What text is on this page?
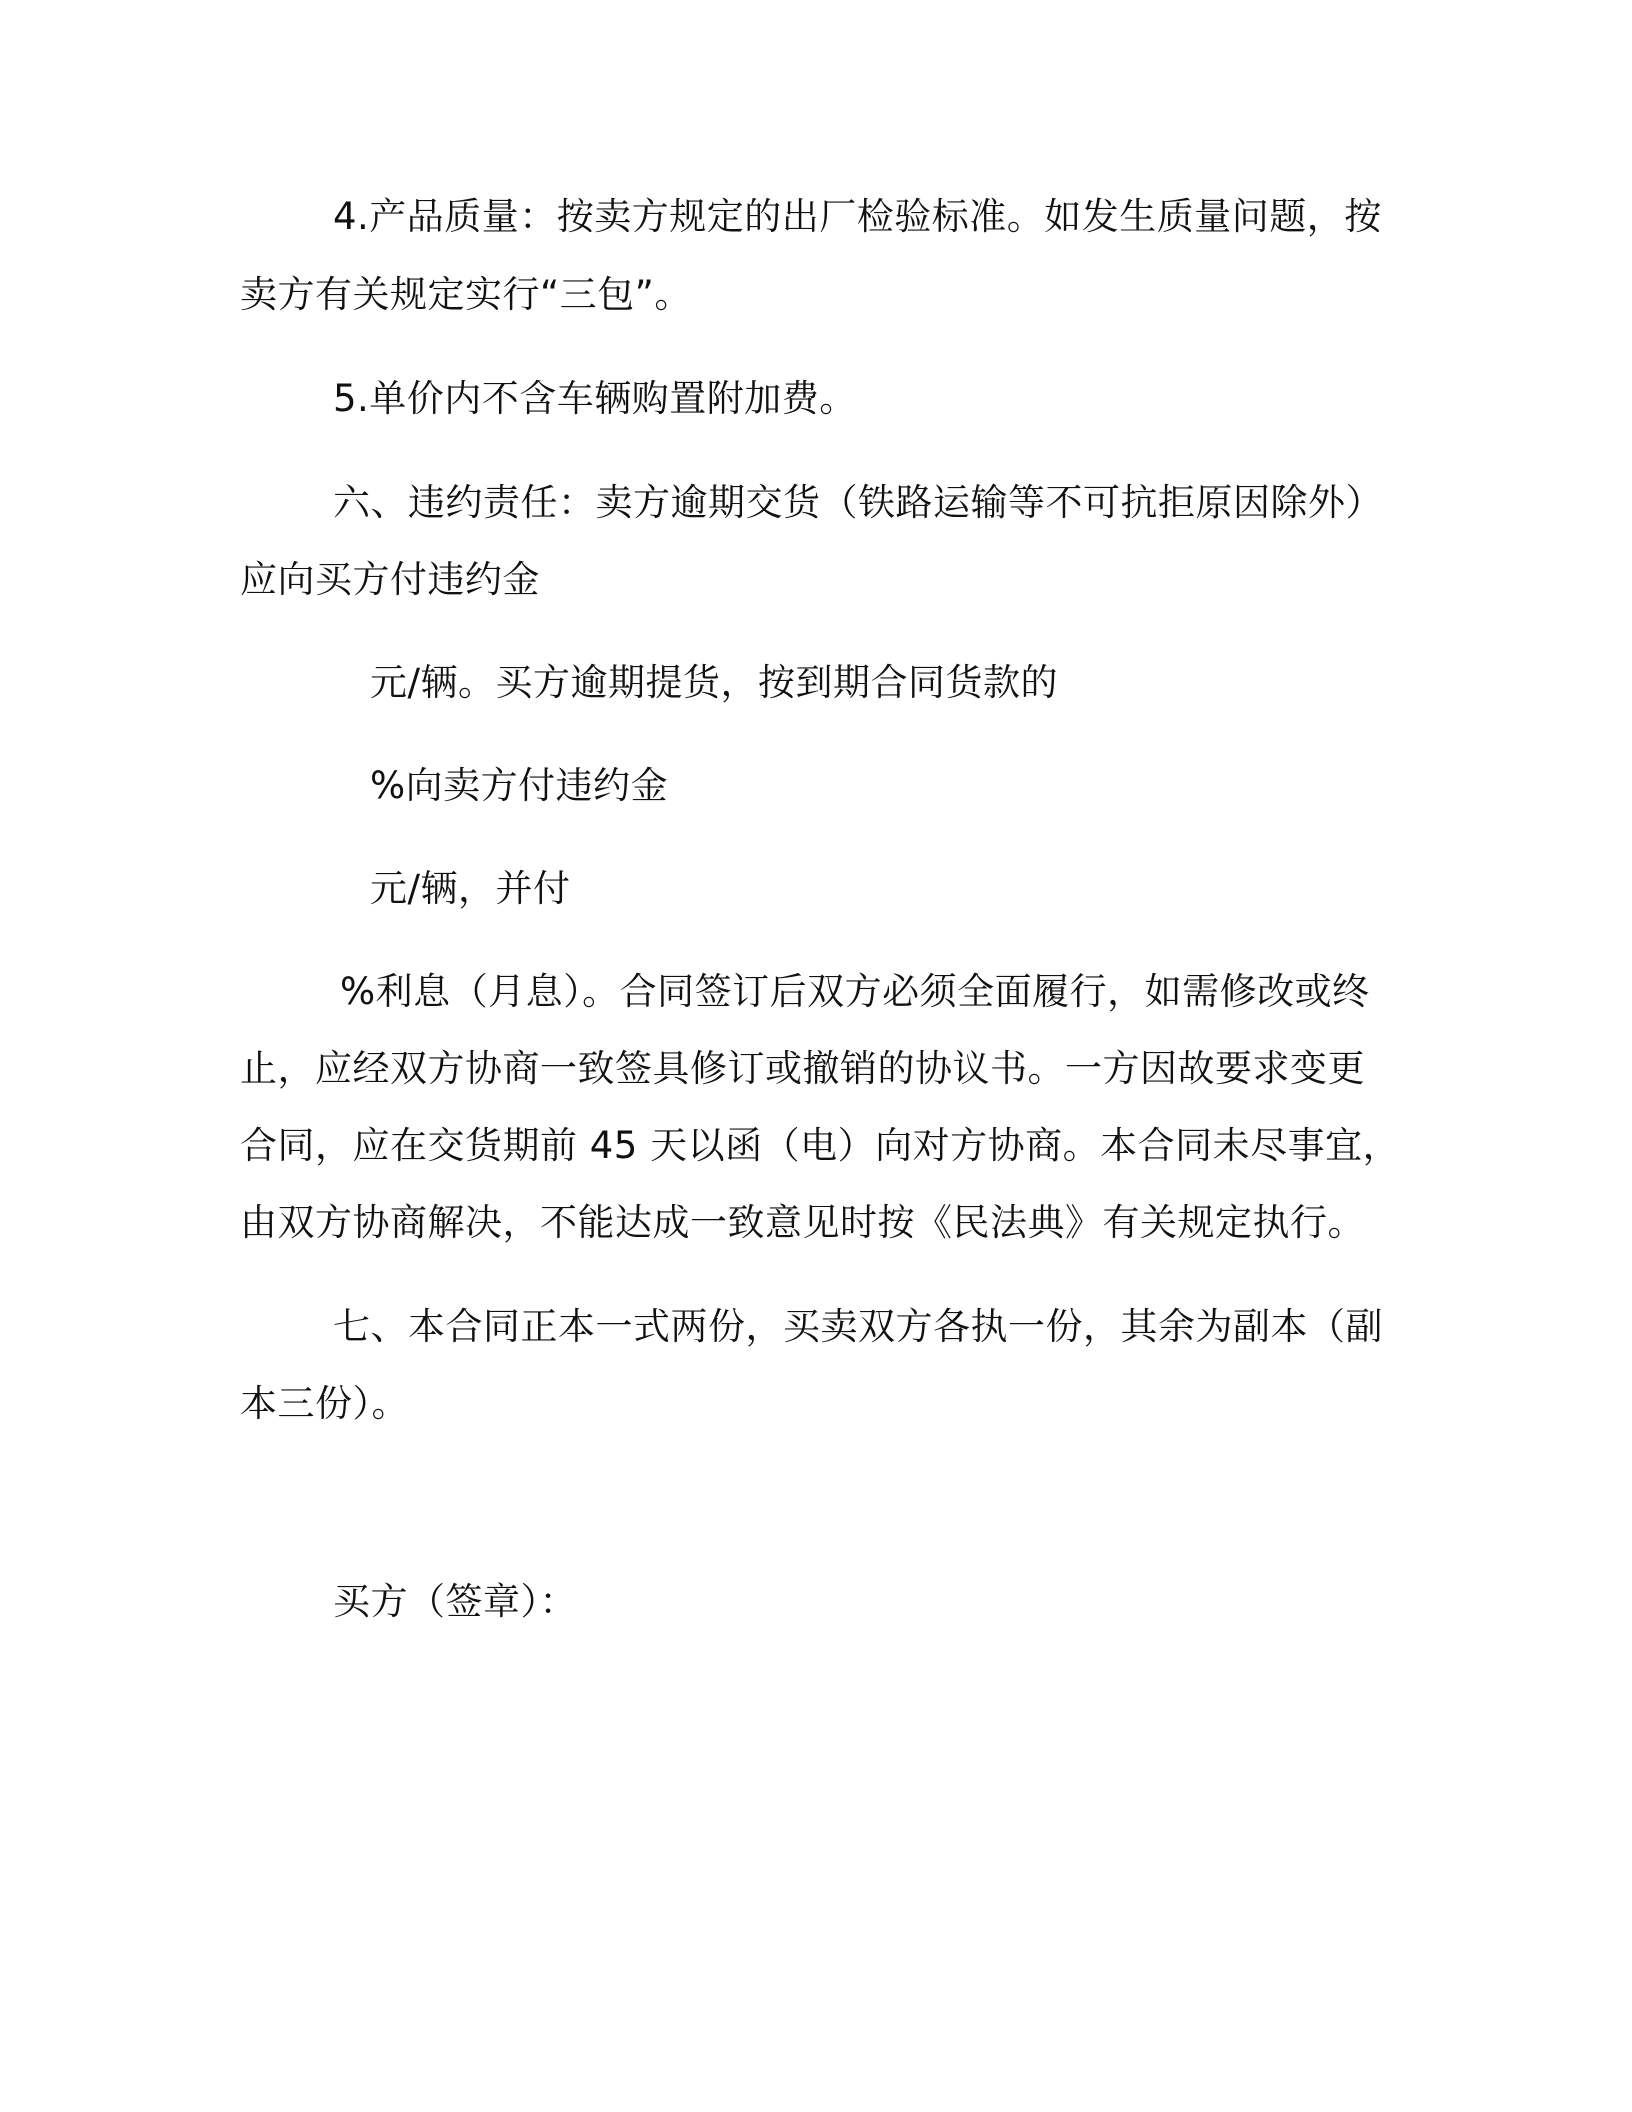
4.产品质量：按卖方规定的出厂检验标准。如发生质量问题，按
卖方有关规定实行“三包”。
5.单价内不含车辆购置附加费。
六、违约责任：卖方逾期交货（铁路运输等不可抗拒原因除外）
应向买方付违约金
元/辆。买方逾期提货，按到期合同货款的
%向卖方付违约金
元/辆，并付
%利息（月息）。合同签订后双方必须全面履行，如需修改或终
止，应经双方协商一致签具修订或撤销的协议书。一方因故要求变更
合同，应在交货期前 45 天以函（电）向对方协商。本合同未尽事宜，
由双方协商解决，不能达成一致意见时按《民法典》有关规定执行。
七、本合同正本一式两份，买卖双方各执一份，其余为副本（副
本三份）。
买方（签章）：
